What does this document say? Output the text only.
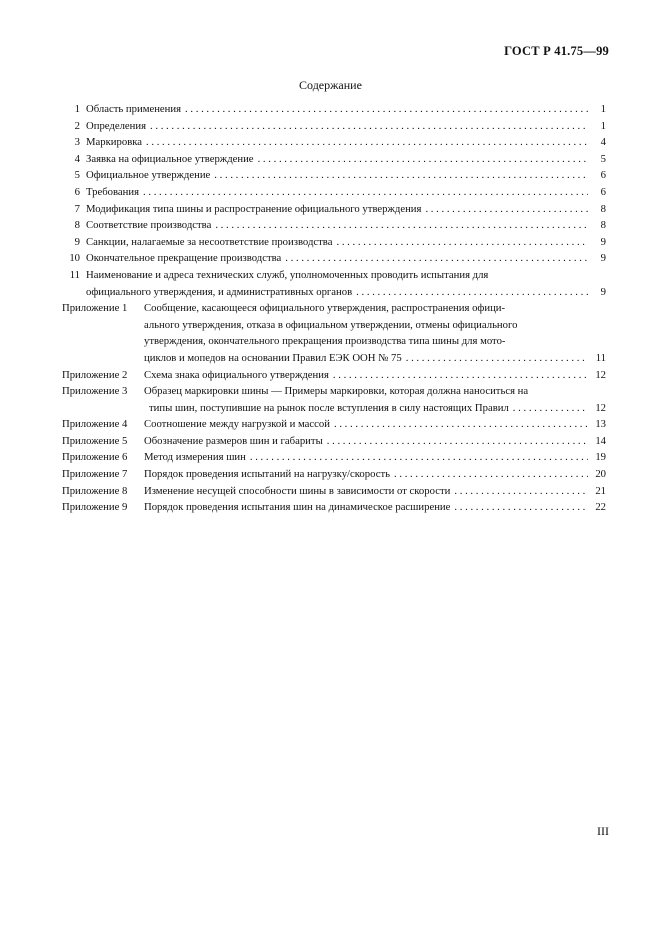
ГОСТ Р 41.75—99
Содержание
1 Область применения . . .	1
2 Определения . . .	1
3 Маркировка . . .	4
4 Заявка на официальное утверждение . . .	5
5 Официальное утверждение . . .	6
6 Требования . . .	6
7 Модификация типа шины и распространение официального утверждения . . .	8
8 Соответствие производства . . .	8
9 Санкции, налагаемые за несоответствие производства . . .	9
10 Окончательное прекращение производства . . .	9
11 Наименование и адреса технических служб, уполномоченных проводить испытания для
официального утверждения, и административных органов . . .	9
Приложение 1	Сообщение, касающееся официального утверждения, распространения офици-
ального утверждения, отказа в официальном утверждении, отмены официального
утверждения, окончательного прекращения производства типа шины для мото-
циклов и мопедов на основании Правил ЕЭК ООН № 75 . . .	11
Приложение 2	Схема знака официального утверждения . . .	12
Приложение 3	Образец маркировки шины — Примеры маркировки, которая должна наноситься на
типы шин, поступившие на рынок после вступления в силу настоящих Правил . . .	12
Приложение 4	Соотношение между нагрузкой и массой . . .	13
Приложение 5	Обозначение размеров шин и габариты . . .	14
Приложение 6	Метод измерения шин . . .	19
Приложение 7	Порядок проведения испытаний на нагрузку/скорость . . .	20
Приложение 8	Изменение несущей способности шины в зависимости от скорости . . .	21
Приложение 9	Порядок проведения испытания шин на динамическое расширение . . .	22
III
